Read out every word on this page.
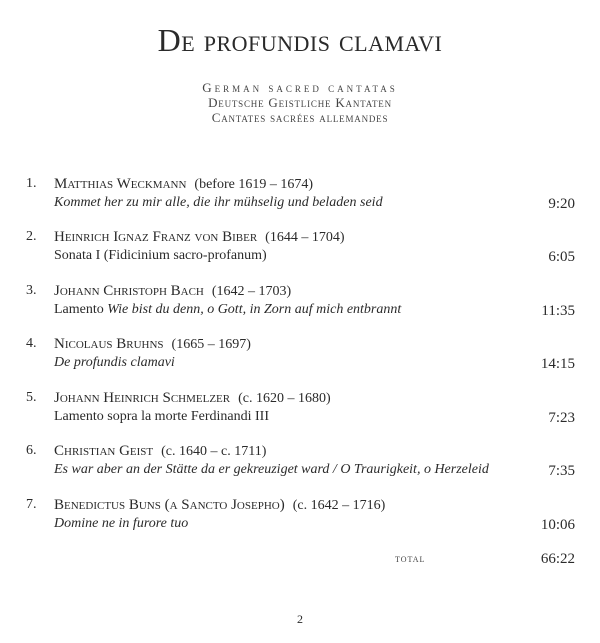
De profundis clamavi
German sacred cantatas
Deutsche Geistliche Kantaten
Cantates sacrées allemandes
1. Matthias Weckmann (before 1619 – 1674)
Kommet her zu mir alle, die ihr mühselig und beladen seid	9:20
2. Heinrich Ignaz Franz von Biber (1644 – 1704)
Sonata I (Fidicinium sacro-profanum)	6:05
3. Johann Christoph Bach (1642 – 1703)
Lamento Wie bist du denn, o Gott, in Zorn auf mich entbrannt	11:35
4. Nicolaus Bruhns (1665 – 1697)
De profundis clamavi	14:15
5. Johann Heinrich Schmelzer (c. 1620 – 1680)
Lamento sopra la morte Ferdinandi III	7:23
6. Christian Geist (c. 1640 – c. 1711)
Es war aber an der Stätte da er gekreuziget ward / O Traurigkeit, o Herzeleid	7:35
7. Benedictus Buns (a Sancto Josepho) (c. 1642 – 1716)
Domine ne in furore tuo	10:06
total	66:22
2
